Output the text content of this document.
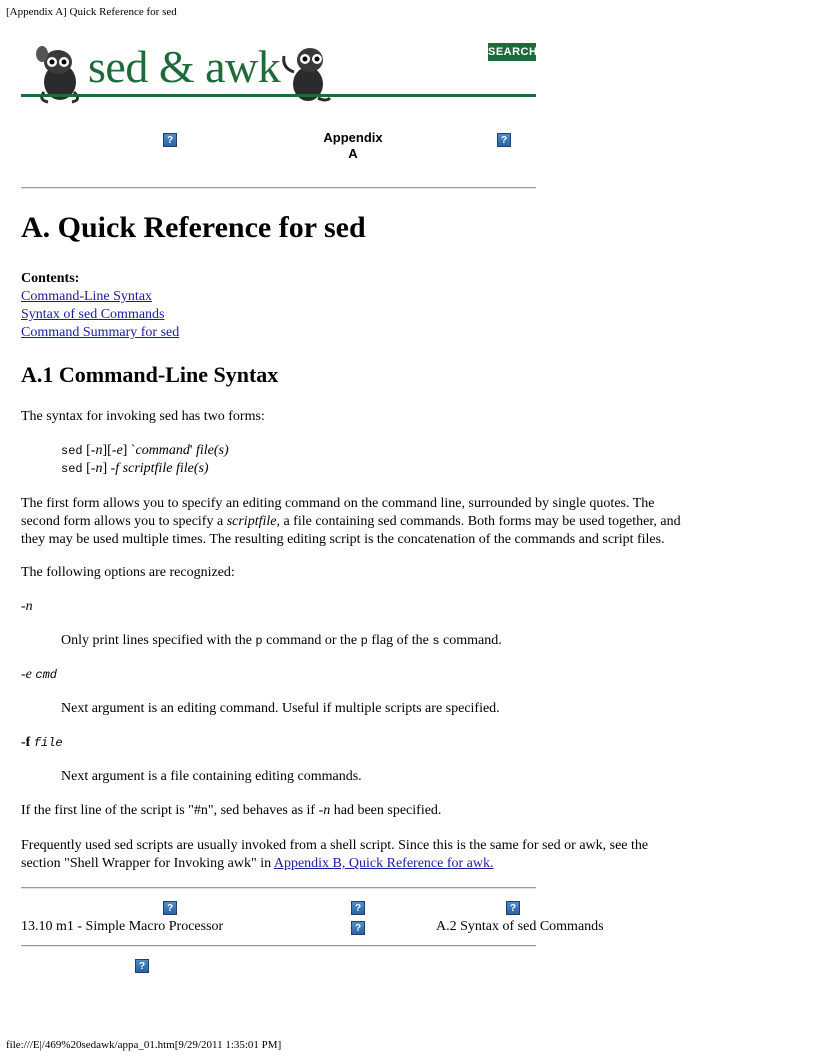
[Appendix A] Quick Reference for sed
sed & awk	SEARCH
?	Appendix
A
?
A. Quick Reference for sed
Contents:
Command-Line Syntax
Syntax of sed Commands
Command Summary for sed
A.1 Command-Line Syntax
The syntax for invoking sed has two forms:
sed [-n][-e] `command' file(s)
sed [-n] -f scriptfile file(s)
The first form allows you to specify an editing command on the command line, surrounded by single quotes. The
second form allows you to specify a scriptfile, a file containing sed commands. Both forms may be used together, and
they may be used multiple times. The resulting editing script is the concatenation of the commands and script files.
The following options are recognized:
-n
Only print lines specified with the p command or the p flag of the s command.
-e cmd
Next argument is an editing command. Useful if multiple scripts are specified.
-f file
Next argument is a file containing editing commands.
If the first line of the script is "#n", sed behaves as if -n had been specified.
Frequently used sed scripts are usually invoked from a shell script. Since this is the same for sed or awk, see the
section "Shell Wrapper for Invoking awk" in Appendix B, Quick Reference for awk.
?	?	?
13.10 m1 - Simple Macro Processor	?	A.2 Syntax of sed Commands
?
file:///E|/469%20sedawk/appa_01.htm[9/29/2011 1:35:01 PM]
